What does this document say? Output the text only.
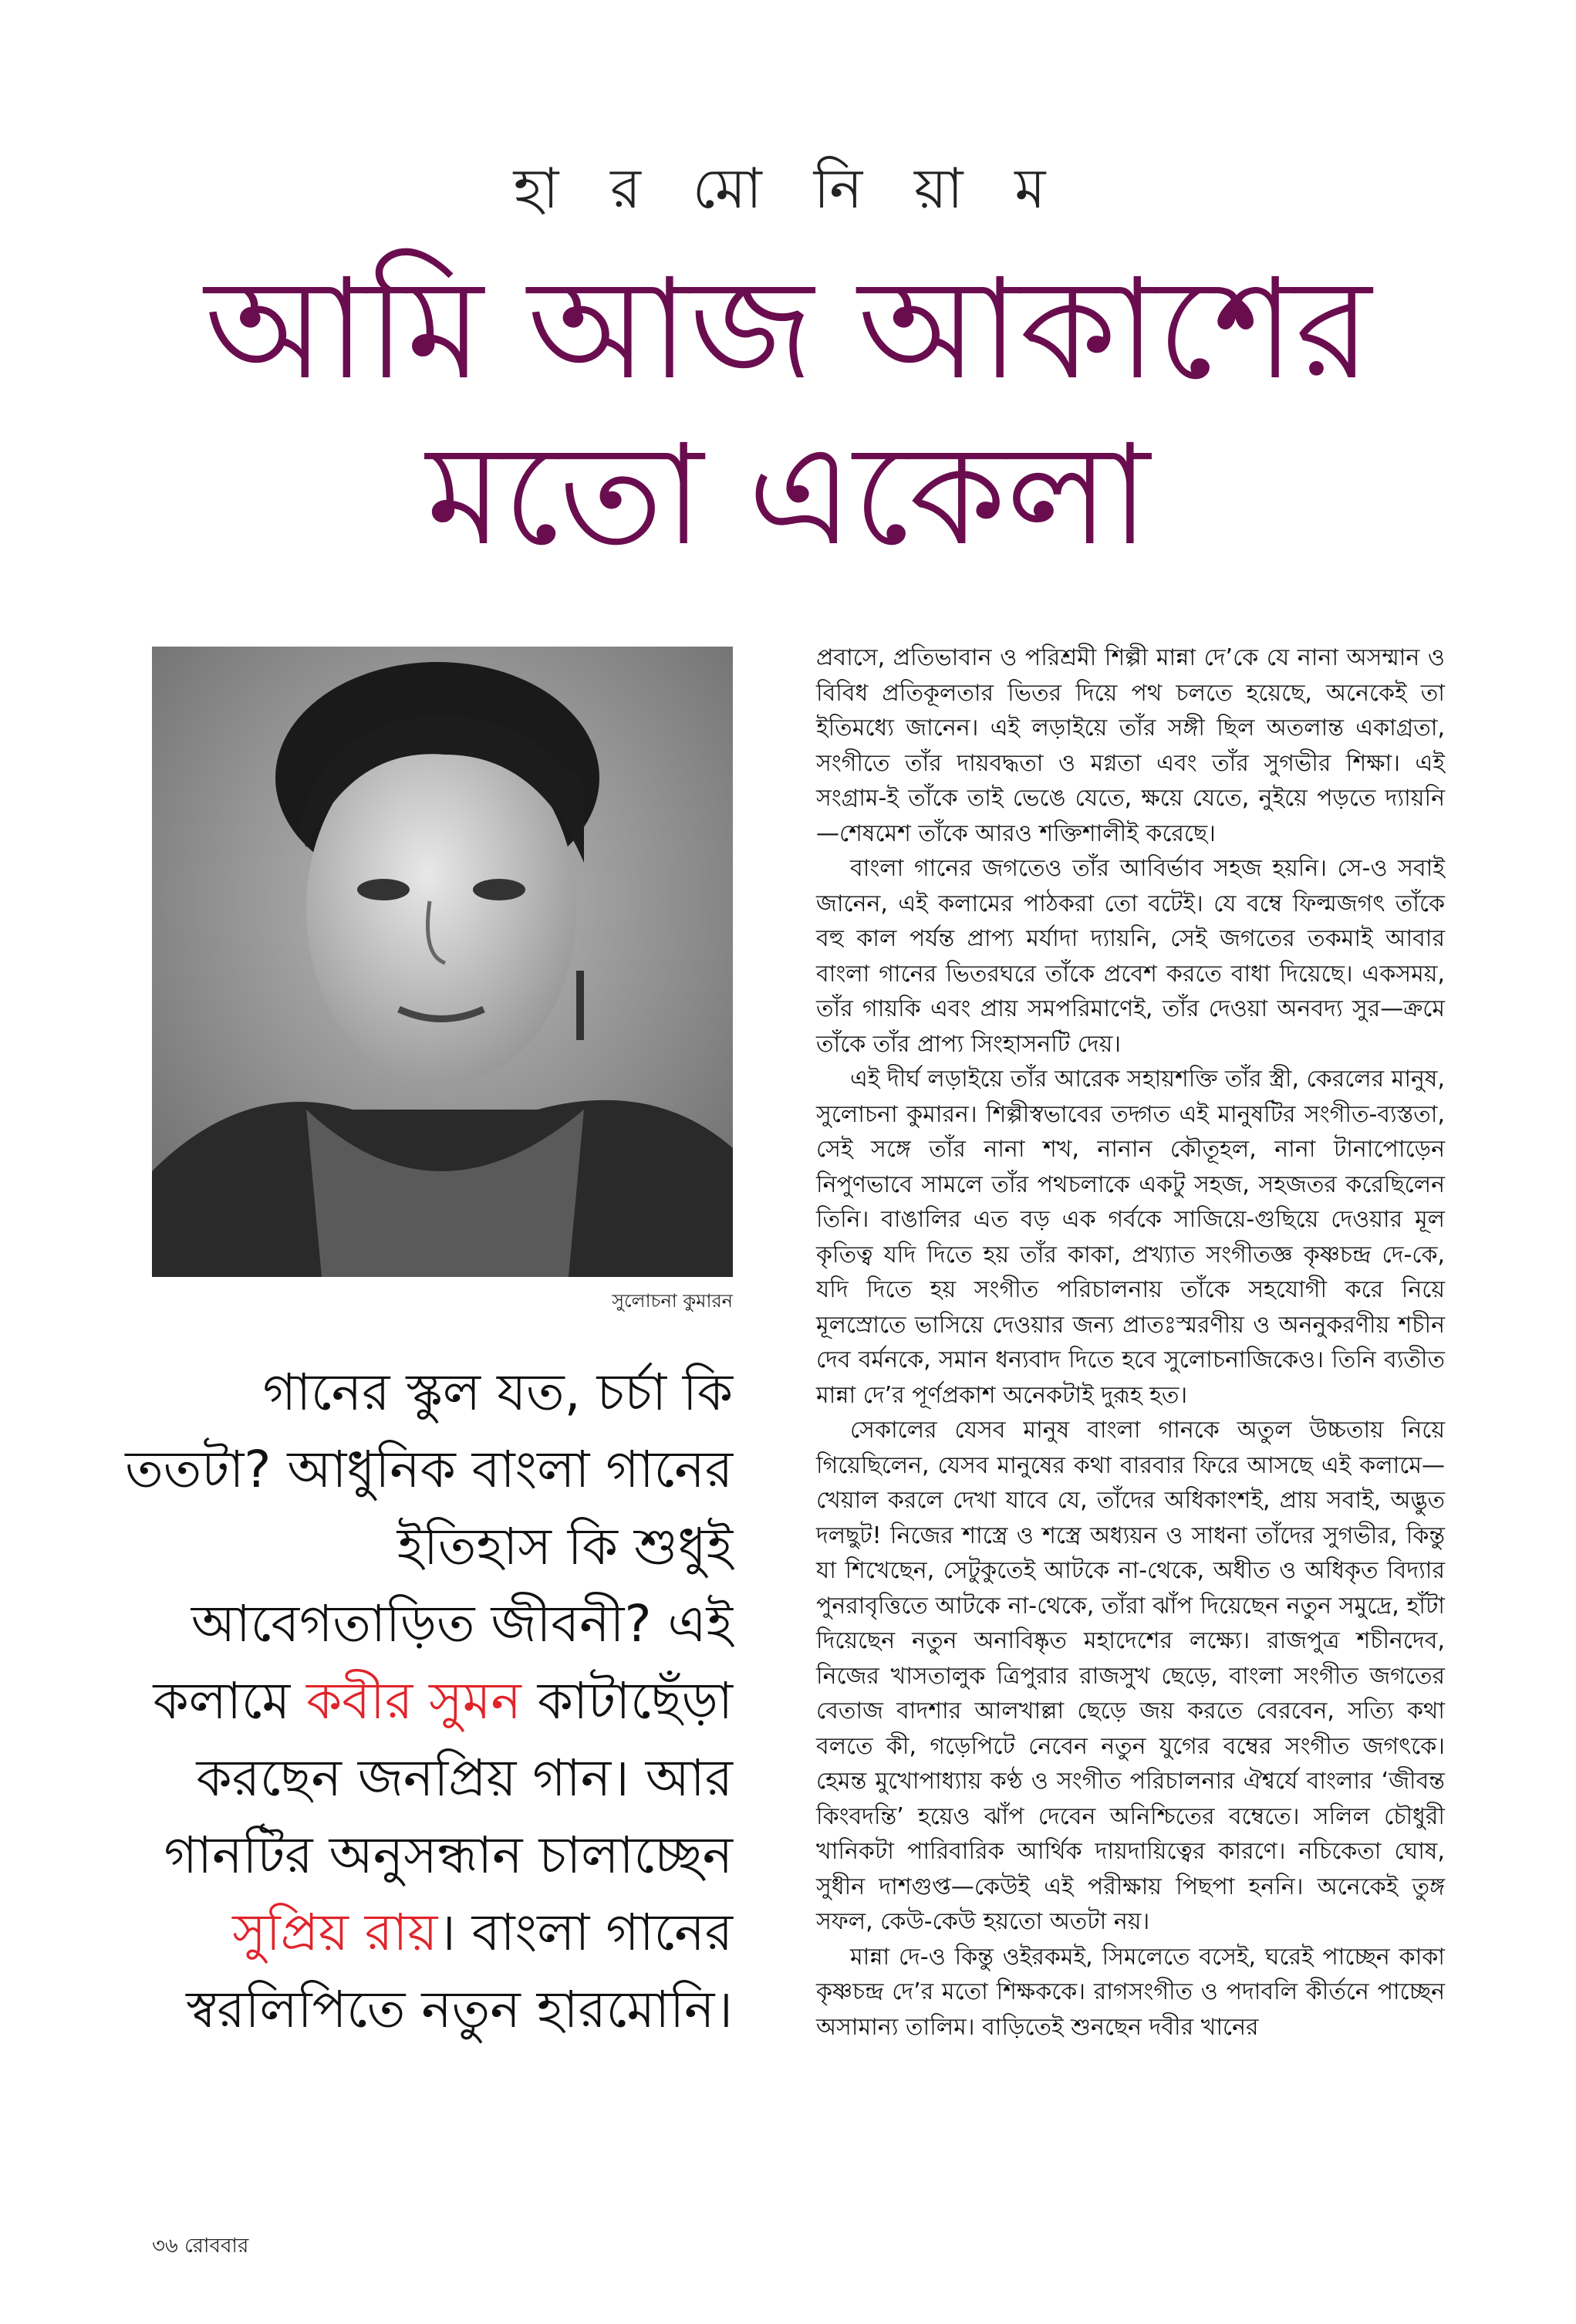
হা র মো নি য়া ম
আমি আজ আকাশের
মতো একেলা
সুলোচনা কুমারন
গানের স্কুল যত, চর্চা কি ততটা? আধুনিক বাংলা গানের ইতিহাস কি শুধুই আবেগতাড়িত জীবনী? এই কলামে কবীর সুমন কাটাছেঁড়া করছেন জনপ্রিয় গান। আর গানটির অনুসন্ধান চালাচ্ছেন সুপ্রিয় রায়। বাংলা গানের স্বরলিপিতে নতুন হারমোনি।

প্রবাসে, প্রতিভাবান ও পরিশ্রমী শিল্পী মান্না দে’কে যে নানা অসম্মান ও বিবিধ প্রতিকূলতার ভিতর দিয়ে পথ চলতে হয়েছে, অনেকেই তা ইতিমধ্যে জানেন। এই লড়াইয়ে তাঁর সঙ্গী ছিল অতলান্ত একাগ্রতা, সংগীতে তাঁর দায়বদ্ধতা ও মগ্নতা এবং তাঁর সুগভীর শিক্ষা। এই সংগ্রাম-ই তাঁকে তাই ভেঙে যেতে, ক্ষয়ে যেতে, নুইয়ে পড়তে দ্যায়নি—শেষমেশ তাঁকে আরও শক্তিশালীই করেছে।

বাংলা গানের জগতেও তাঁর আবির্ভাব সহজ হয়নি। সে-ও সবাই জানেন, এই কলামের পাঠকরা তো বটেই। যে বম্বে ফিল্মজগৎ তাঁকে বহু কাল পর্যন্ত প্রাপ্য মর্যাদা দ্যায়নি, সেই জগতের তকমাই আবার বাংলা গানের ভিতরঘরে তাঁকে প্রবেশ করতে বাধা দিয়েছে। একসময়, তাঁর গায়কি এবং প্রায় সমপরিমাণেই, তাঁর দেওয়া অনবদ্য সুর—ক্রমে তাঁকে তাঁর প্রাপ্য সিংহাসনটি দেয়।

এই দীর্ঘ লড়াইয়ে তাঁর আরেক সহায়শক্তি তাঁর স্ত্রী, কেরলের মানুষ, সুলোচনা কুমারন। শিল্পীস্বভাবের তদ্গত এই মানুষটির সংগীত-ব্যস্ততা, সেই সঙ্গে তাঁর নানা শখ, নানান কৌতূহল, নানা টানাপোড়েন নিপুণভাবে সামলে তাঁর পথচলাকে একটু সহজ, সহজতর করেছিলেন তিনি। বাঙালির এত বড় এক গর্বকে সাজিয়ে-গুছিয়ে দেওয়ার মূল কৃতিত্ব যদি দিতে হয় তাঁর কাকা, প্রখ্যাত সংগীতজ্ঞ কৃষ্ণচন্দ্র দে-কে, যদি দিতে হয় সংগীত পরিচালনায় তাঁকে সহযোগী করে নিয়ে মূলস্রোতে ভাসিয়ে দেওয়ার জন্য প্রাতঃস্মরণীয় ও অননুকরণীয় শচীন দেব বর্মনকে, সমান ধন্যবাদ দিতে হবে সুলোচনাজিকেও। তিনি ব্যতীত মান্না দে’র পূর্ণপ্রকাশ অনেকটাই দুরূহ হত।

সেকালের যেসব মানুষ বাংলা গানকে অতুল উচ্চতায় নিয়ে গিয়েছিলেন, যেসব মানুষের কথা বারবার ফিরে আসছে এই কলামে—খেয়াল করলে দেখা যাবে যে, তাঁদের অধিকাংশই, প্রায় সবাই, অদ্ভুত দলছুট! নিজের শাস্ত্রে ও শস্ত্রে অধ্যয়ন ও সাধনা তাঁদের সুগভীর, কিন্তু যা শিখেছেন, সেটুকুতেই আটকে না-থেকে, অধীত ও অধিকৃত বিদ্যার পুনরাবৃত্তিতে আটকে না-থেকে, তাঁরা ঝাঁপ দিয়েছেন নতুন সমুদ্রে, হাঁটা দিয়েছেন নতুন অনাবিষ্কৃত মহাদেশের লক্ষ্যে। রাজপুত্র শচীনদেব, নিজের খাসতালুক ত্রিপুরার রাজসুখ ছেড়ে, বাংলা সংগীত জগতের বেতাজ বাদশার আলখাল্লা ছেড়ে জয় করতে বেরবেন, সত্যি কথা বলতে কী, গড়েপিটে নেবেন নতুন যুগের বম্বের সংগীত জগৎকে। হেমন্ত মুখোপাধ্যায় কণ্ঠ ও সংগীত পরিচালনার ঐশ্বর্যে বাংলার ‘জীবন্ত কিংবদন্তি’ হয়েও ঝাঁপ দেবেন অনিশ্চিতের বম্বেতে। সলিল চৌধুরী খানিকটা পারিবারিক আর্থিক দায়দায়িত্বের কারণে। নচিকেতা ঘোষ, সুধীন দাশগুপ্ত—কেউই এই পরীক্ষায় পিছপা হননি। অনেকেই তুঙ্গ সফল, কেউ-কেউ হয়তো অতটা নয়।

মান্না দে-ও কিন্তু ওইরকমই, সিমলেতে বসেই, ঘরেই পাচ্ছেন কাকা কৃষ্ণচন্দ্র দে’র মতো শিক্ষককে। রাগসংগীত ও পদাবলি কীর্তনে পাচ্ছেন অসামান্য তালিম। বাড়িতেই শুনছেন দবীর খানের

৩৬ রোববার
